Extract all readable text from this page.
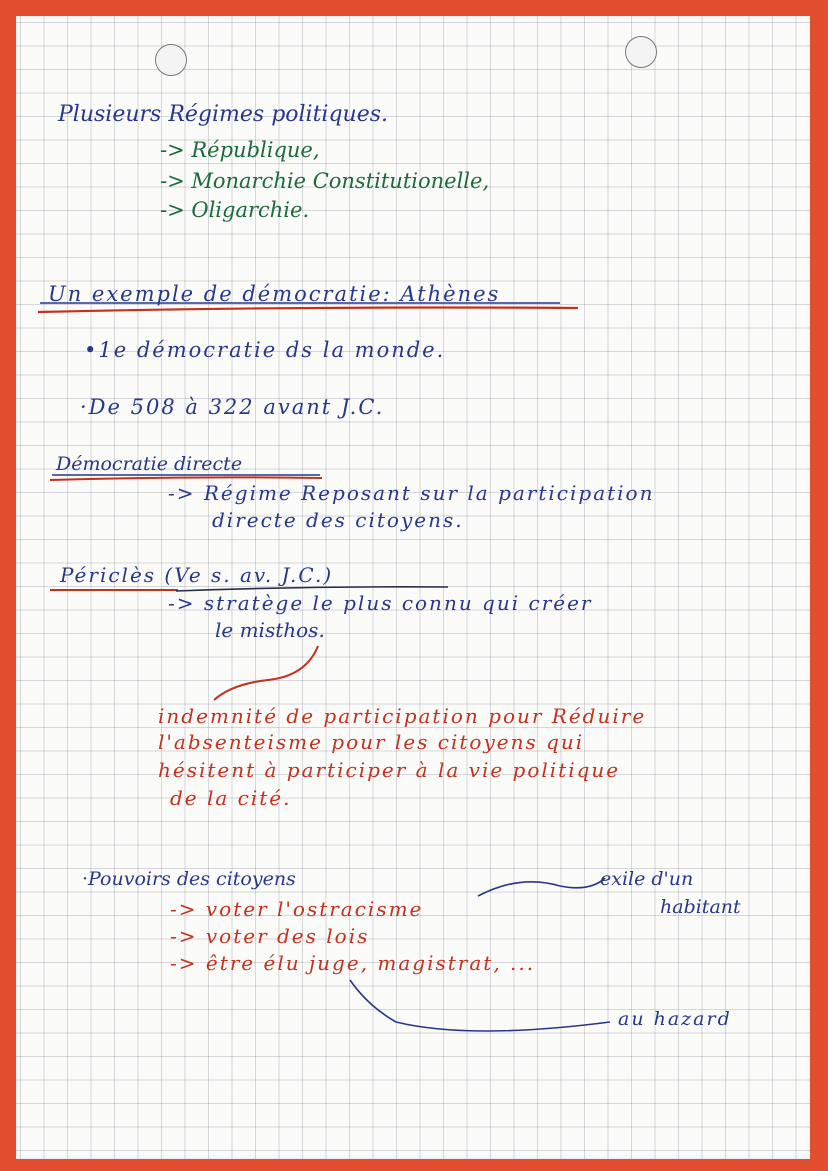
Plusieurs Régimes politiques.
-> République,
-> Monarchie Constitutionelle,
-> Oligarchie.
Un exemple de démocratie: Athènes
•1e démocratie ds la monde.
·De 508 à 322 avant J.C.
Démocratie directe
-> Régime Reposant sur la participation
directe des citoyens.
Périclès (Ve s. av. J.C.)
-> stratège le plus connu qui créer
le misthos.
indemnité de participation pour Réduire
l'absenteisme pour les citoyens qui
hésitent à participer à la vie politique
de la cité.
·Pouvoirs des citoyens
-> voter l'ostracisme
-> voter des lois
-> être élu juge, magistrat, ...
exile d'un
habitant
au hazard
